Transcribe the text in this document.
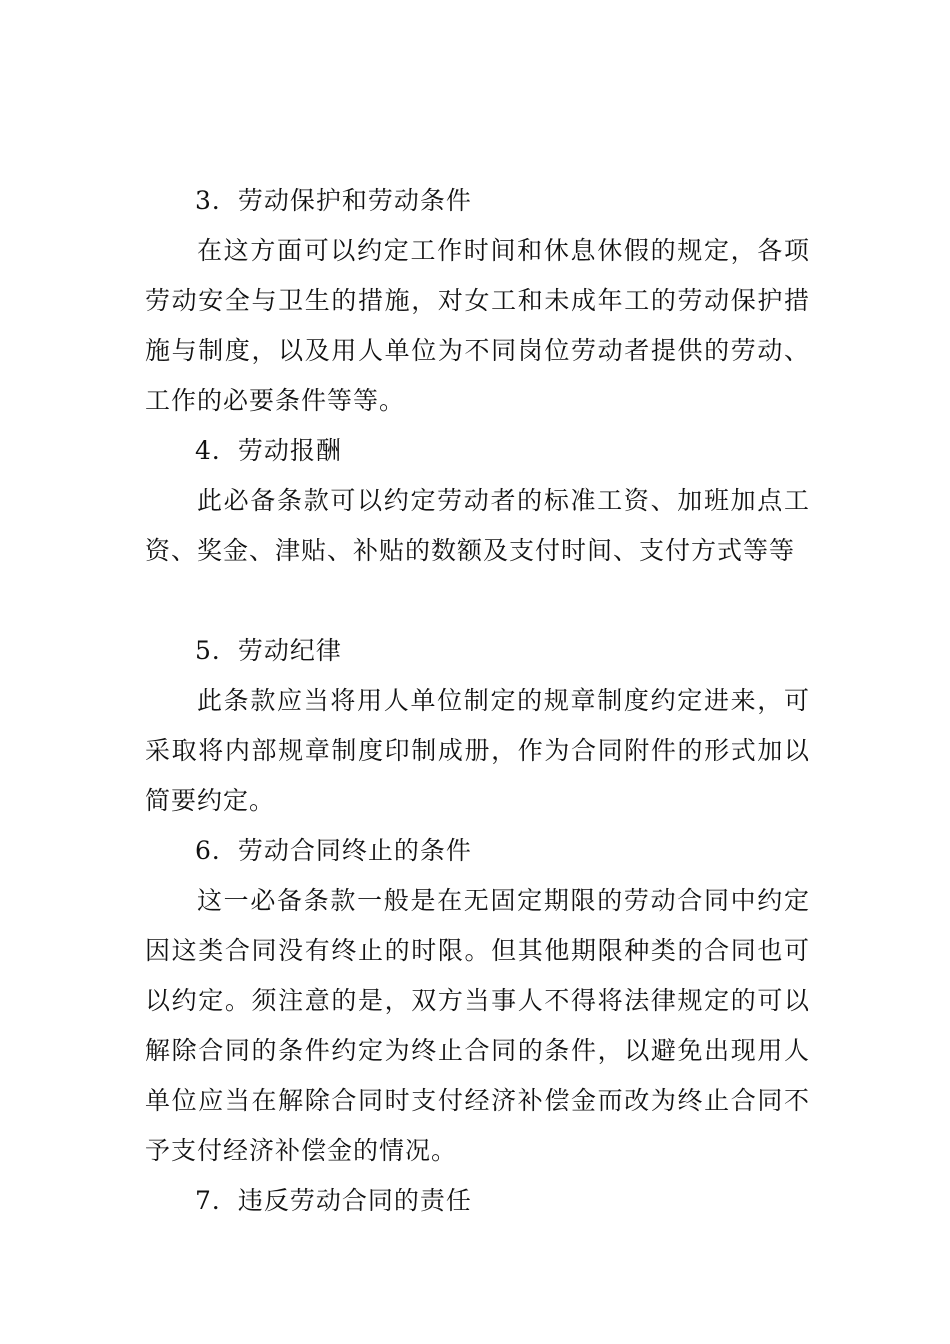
3．劳动保护和劳动条件

在这方面可以约定工作时间和休息休假的规定，各项劳动安全与卫生的措施，对女工和未成年工的劳动保护措施与制度，以及用人单位为不同岗位劳动者提供的劳动、工作的必要条件等等。

4．劳动报酬

此必备条款可以约定劳动者的标准工资、加班加点工资、奖金、津贴、补贴的数额及支付时间、支付方式等等

5．劳动纪律

此条款应当将用人单位制定的规章制度约定进来，可采取将内部规章制度印制成册，作为合同附件的形式加以简要约定。

6．劳动合同终止的条件

这一必备条款一般是在无固定期限的劳动合同中约定因这类合同没有终止的时限。但其他期限种类的合同也可以约定。须注意的是，双方当事人不得将法律规定的可以解除合同的条件约定为终止合同的条件，以避免出现用人单位应当在解除合同时支付经济补偿金而改为终止合同不予支付经济补偿金的情况。

7．违反劳动合同的责任
